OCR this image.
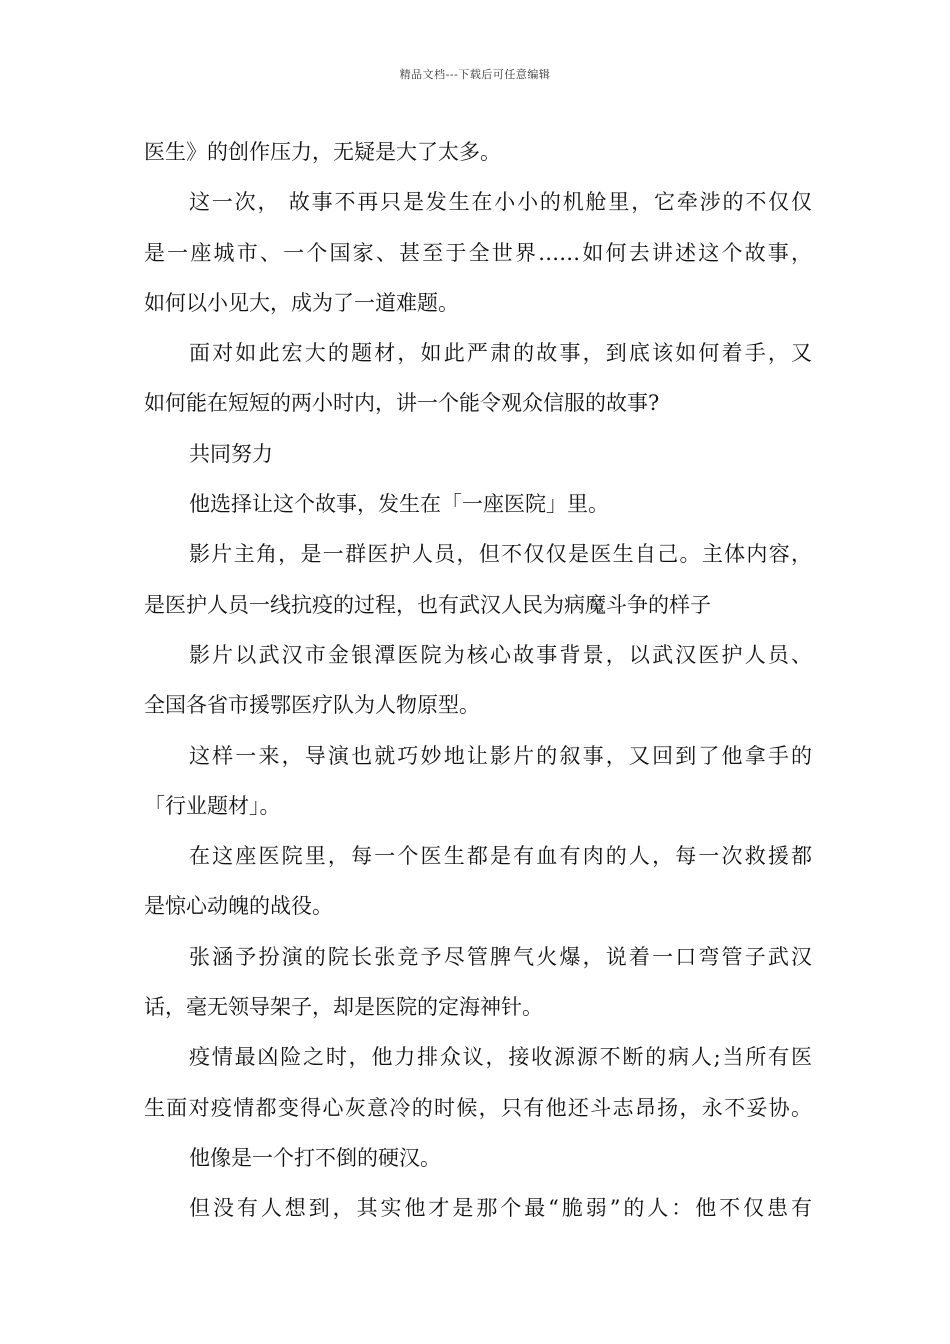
精品文档---下载后可任意编辑
医生》的创作压力，无疑是大了太多。
这一次， 故事不再只是发生在小小的机舱里，它牵涉的不仅仅
是一座城市、一个国家、甚至于全世界……如何去讲述这个故事，
如何以小见大，成为了一道难题。
面对如此宏大的题材，如此严肃的故事，到底该如何着手，又
如何能在短短的两小时内，讲一个能令观众信服的故事?
共同努力
他选择让这个故事，发生在「一座医院」里。
影片主角，是一群医护人员，但不仅仅是医生自己。主体内容，
是医护人员一线抗疫的过程，也有武汉人民为病魔斗争的样子
影片以武汉市金银潭医院为核心故事背景，以武汉医护人员、
全国各省市援鄂医疗队为人物原型。
这样一来，导演也就巧妙地让影片的叙事，又回到了他拿手的
「行业题材」。
在这座医院里，每一个医生都是有血有肉的人，每一次救援都
是惊心动魄的战役。
张涵予扮演的院长张竞予尽管脾气火爆，说着一口弯管子武汉
话，毫无领导架子，却是医院的定海神针。
疫情最凶险之时，他力排众议，接收源源不断的病人;当所有医
生面对疫情都变得心灰意冷的时候，只有他还斗志昂扬，永不妥协。
他像是一个打不倒的硬汉。
但没有人想到，其实他才是那个最“脆弱”的人：他不仅患有
